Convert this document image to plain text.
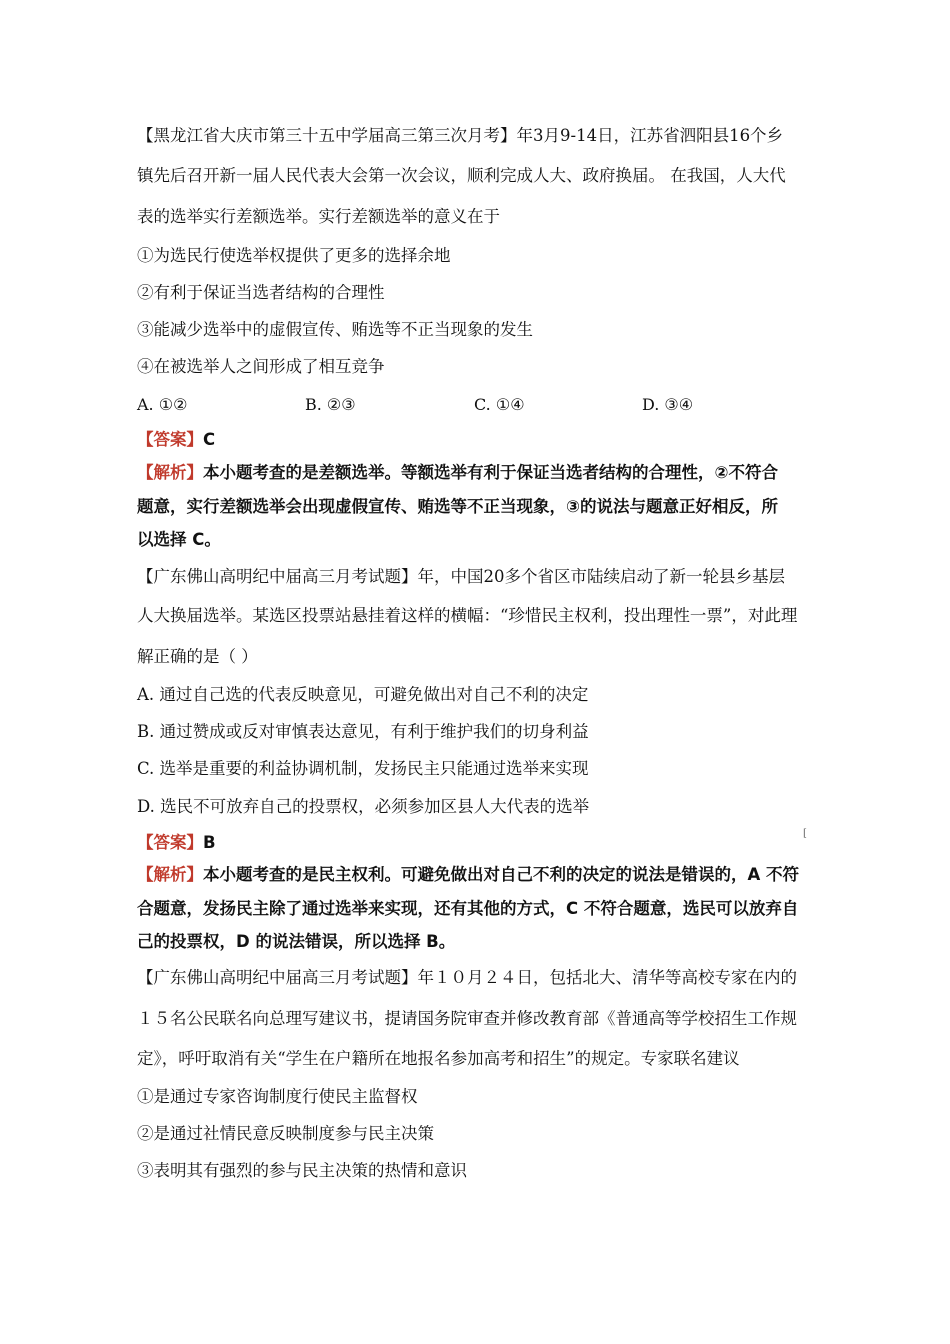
【黑龙江省大庆市第三十五中学届高三第三次月考】年3月9-14日，江苏省泗阳县16个乡
镇先后召开新一届人民代表大会第一次会议，顺利完成人大、政府换届。 在我国，人大代
表的选举实行差额选举。实行差额选举的意义在于
①为选民行使选举权提供了更多的选择余地
②有利于保证当选者结构的合理性
③能减少选举中的虚假宣传、贿选等不正当现象的发生
④在被选举人之间形成了相互竞争
A. ①②	B. ②③	C. ①④	D. ③④
【答案】C
【解析】本小题考查的是差额选举。等额选举有利于保证当选者结构的合理性，②不符合
题意，实行差额选举会出现虚假宣传、贿选等不正当现象，③的说法与题意正好相反，所
以选择 C。
【广东佛山高明纪中届高三月考试题】年，中国20多个省区市陆续启动了新一轮县乡基层
人大换届选举。某选区投票站悬挂着这样的横幅：“珍惜民主权利，投出理性一票”，对此理
解正确的是（ ）
A. 通过自己选的代表反映意见，可避免做出对自己不利的决定
B. 通过赞成或反对审慎表达意见，有利于维护我们的切身利益
C. 选举是重要的利益协调机制，发扬民主只能通过选举来实现
D. 选民不可放弃自己的投票权，必须参加区县人大代表的选举
【答案】B	[
【解析】本小题考查的是民主权利。可避免做出对自己不利的决定的说法是错误的，A 不符
合题意，发扬民主除了通过选举来实现，还有其他的方式，C 不符合题意，选民可以放弃自
己的投票权，D 的说法错误，所以选择 B。
【广东佛山高明纪中届高三月考试题】年１０月２４日，包括北大、清华等高校专家在内的
１５名公民联名向总理写建议书，提请国务院审查并修改教育部《普通高等学校招生工作规
定》，呼吁取消有关“学生在户籍所在地报名参加高考和招生”的规定。专家联名建议
①是通过专家咨询制度行使民主监督权
②是通过社情民意反映制度参与民主决策
③表明其有强烈的参与民主决策的热情和意识
